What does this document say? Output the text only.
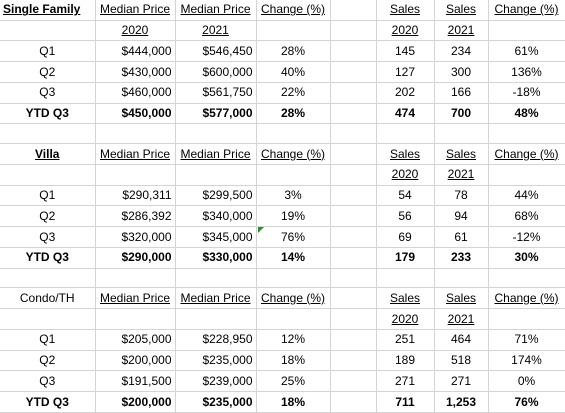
Single Family	Median Price	Median Price	Change (%)		Sales	Sales	Change (%)
	2020	2021			2020	2021	
Q1	$444,000	$546,450	28%		145	234	61%
Q2	$430,000	$600,000	40%		127	300	136%
Q3	$460,000	$561,750	22%		202	166	-18%
YTD Q3	$450,000	$577,000	28%		474	700	48%

Villa	Median Price	Median Price	Change (%)		Sales	Sales	Change (%)
					2020	2021	
Q1	$290,311	$299,500	3%		54	78	44%
Q2	$286,392	$340,000	19%		56	94	68%
Q3	$320,000	$345,000	76%		69	61	-12%
YTD Q3	$290,000	$330,000	14%		179	233	30%

Condo/TH	Median Price	Median Price	Change (%)		Sales	Sales	Change (%)
					2020	2021	
Q1	$205,000	$228,950	12%		251	464	71%
Q2	$200,000	$235,000	18%		189	518	174%
Q3	$191,500	$239,000	25%		271	271	0%
YTD Q3	$200,000	$235,000	18%		711	1,253	76%
